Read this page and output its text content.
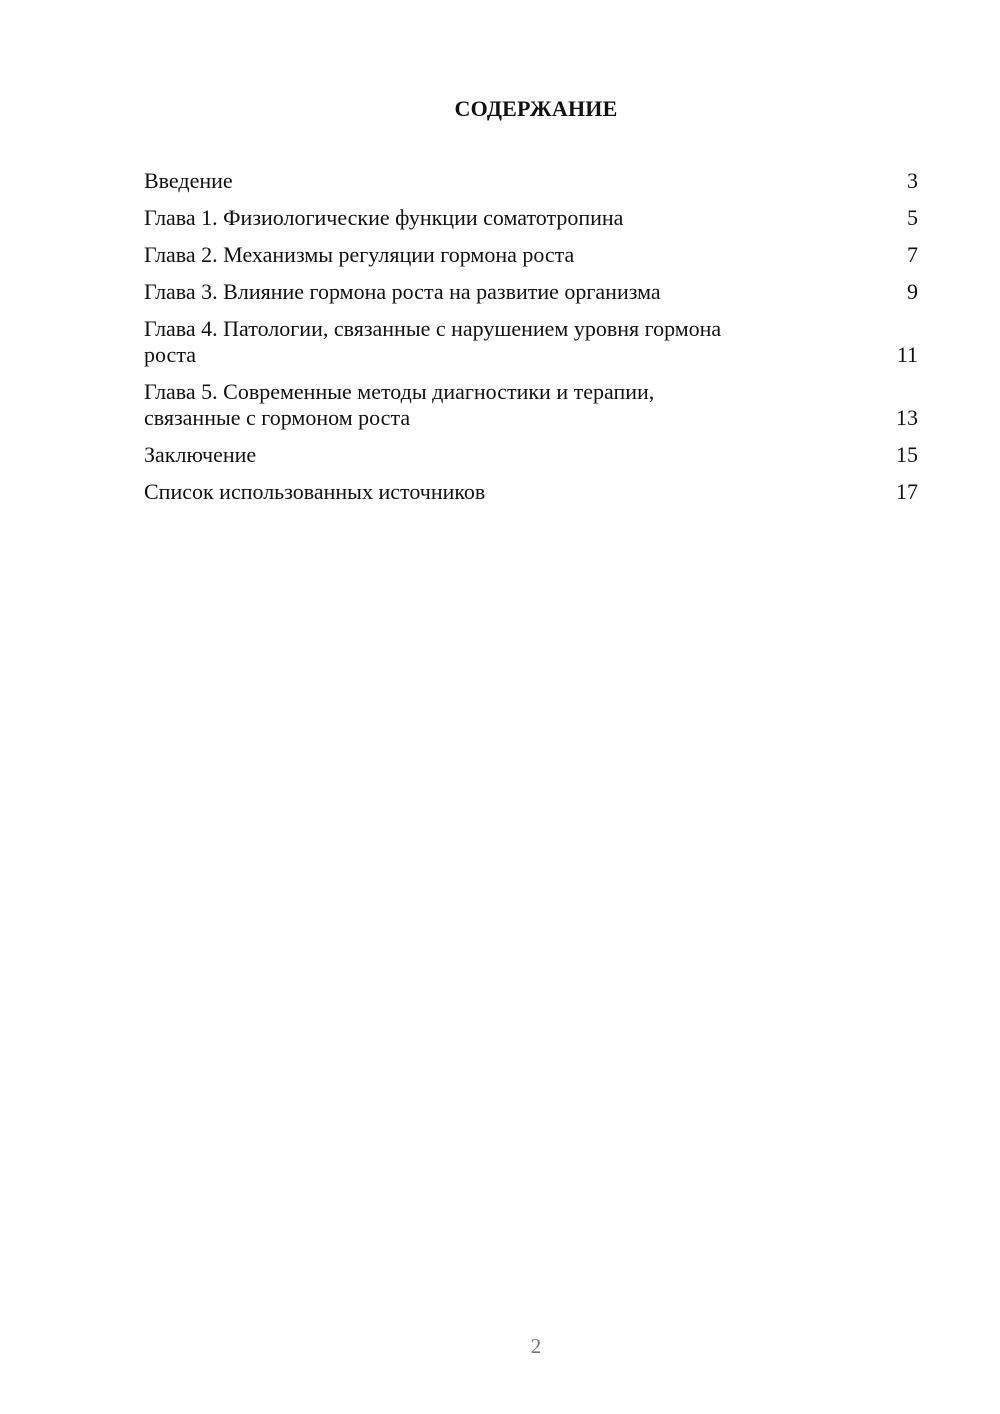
СОДЕРЖАНИЕ
Введение	3
Глава 1. Физиологические функции соматотропина	5
Глава 2. Механизмы регуляции гормона роста	7
Глава 3. Влияние гормона роста на развитие организма	9
Глава 4. Патологии, связанные с нарушением уровня гормона
роста	11
Глава 5. Современные методы диагностики и терапии,
связанные с гормоном роста	13
Заключение	15
Список использованных источников	17
2
